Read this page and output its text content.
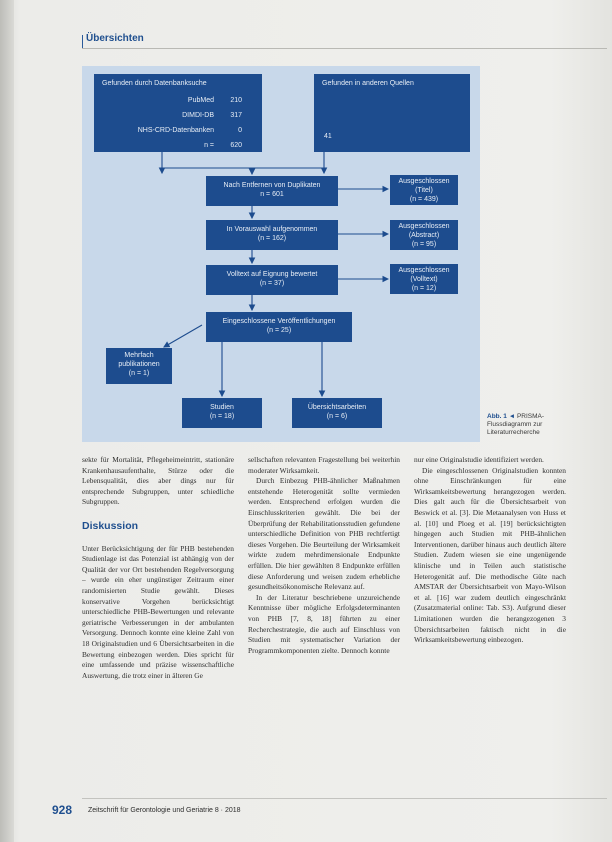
Übersichten
Gefunden durch Datenbanksuche
PubMed	210
DIMDI-DB	317
NHS-CRD-Datenbanken	0
n =	620
Gefunden in anderen Quellen
41
Nach Entfernen von Duplikaten
n = 601
Ausgeschlossen
(Titel)
(n = 439)
In Vorauswahl aufgenommen
(n = 162)
Ausgeschlossen
(Abstract)
(n = 95)
Volltext auf Eignung bewertet
(n = 37)
Ausgeschlossen
(Volltext)
(n = 12)
Eingeschlossene Veröffentlichungen
(n = 25)
Mehrfach
publikationen
(n = 1)
Studien
(n = 18)
Übersichtsarbeiten
(n = 6)	Abb. 1 ◄ PRISMA-Flussdiagramm zur Literaturrecherche

sekte für Mortalität, Pflegeheimeintritt, stationäre Krankenhausaufenthalte, Stürze oder die Lebensqualität, dies aber dings nur für entsprechende Subgruppen, unter schiedliche Subgruppen.

Diskussion

Unter Berücksichtigung der für PHB bestehenden Studienlage ist das Potenzial ist abhängig von der Qualität der vor Ort bestehenden Regelversorgung – wurde ein eher ungünstiger Zeitraum einer randomisierten Studie gewählt. Dieses konservative Vorgehen berücksichtigt unterschiedliche PHB-Bewertungen und relevante geriatrische Verbesserungen in der ambulanten Versorgung. Dennoch konnte eine kleine Zahl von 18 Originalstudien und 6 Übersichtsarbeiten in die Bewertung einbezogen werden. Dies spricht für eine umfassende und präzise wissenschaftliche Auswertung, die trotz einer in älteren Ge

sellschaften relevanten Fragestellung bei weiterhin moderater Wirksamkeit.

Durch Einbezug PHB-ähnlicher Maßnahmen entstehende Heterogenität sollte vermieden werden. Entsprechend erfolgen wurden die Einschlusskriterien gewählt. Die bei der Überprüfung der Rehabilitationsstudien gefundene unterschiedliche Definition von PHB rechtfertigt dieses Vorgehen. Die Beurteilung der Wirksamkeit wirkte zudem mehrdimensionale Endpunkte erfüllen. Die hier gewählten 8 Endpunkte erfüllen diese Anforderung und weisen zudem erhebliche gesundheitsökonomische Relevanz auf.

In der Literatur beschriebene unzureichende Kenntnisse über mögliche Erfolgsdeterminanten von PHB [7, 8, 18] führten zu einer Recherchestrategie, die auch auf Einschluss von Studien mit systematischer Variation der Programmkomponenten zielte. Dennoch konnte

nur eine Originalstudie identifiziert werden.

Die eingeschlossenen Originalstudien konnten ohne Einschränkungen für eine Wirksamkeitsbewertung herangezogen werden. Dies galt auch für die Übersichtsarbeit von Beswick et al. [3]. Die Metaanalysen von Huss et al. [10] und Ploeg et al. [19] berücksichtigten hingegen auch Studien mit PHB-ähnlichen Interventionen, darüber hinaus auch deutlich ältere Studien. Zudem wiesen sie eine ungenügende klinische und in Teilen auch statistische Heterogenität auf. Die methodische Güte nach AMSTAR der Übersichtsarbeit von Mayo-Wilson et al. [16] war zudem deutlich eingeschränkt (Zusatzmaterial online: Tab. S3). Aufgrund dieser Limitationen wurden die herangezogenen 3 Übersichtsarbeiten faktisch nicht in die Wirksamkeitsbewertung einbezogen.

928 Zeitschrift für Gerontologie und Geriatrie 8 · 2018
